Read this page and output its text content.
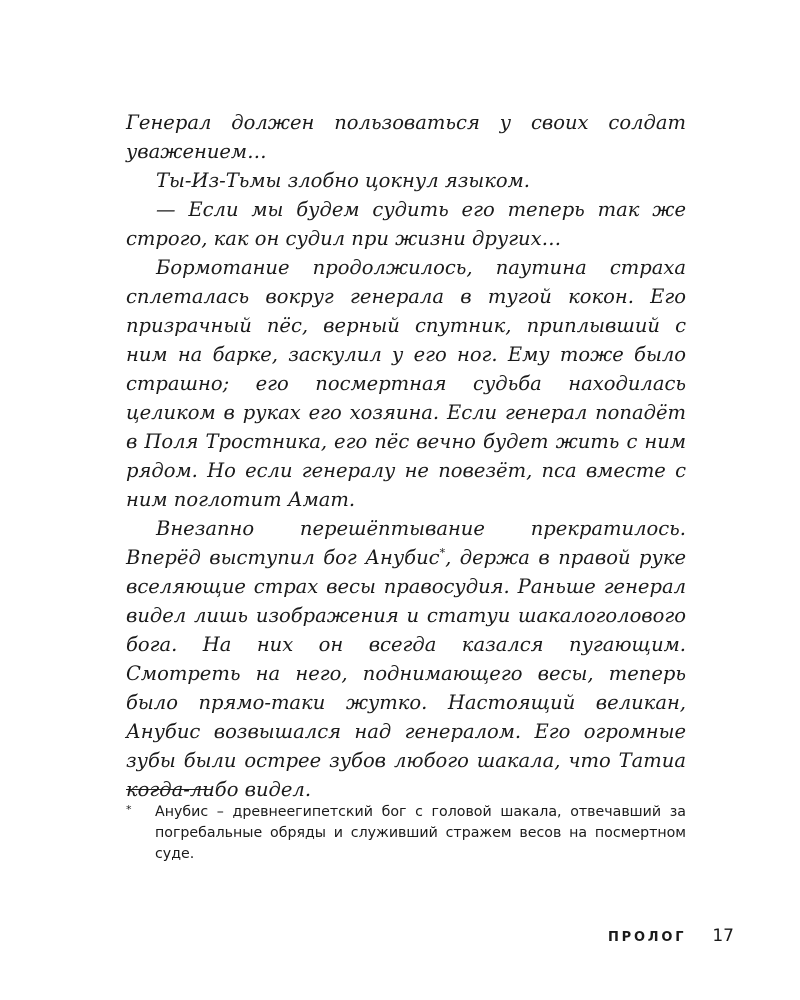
Генерал должен пользоваться у своих солдат уважением…

Ты-Из-Тьмы злобно цокнул языком.

— Если мы будем судить его теперь так же строго, как он судил при жизни других…

Бормотание продолжилось, паутина страха сплеталась вокруг генерала в тугой кокон. Его призрачный пёс, верный спутник, приплывший с ним на барке, заскулил у его ног. Ему тоже было страшно; его посмертная судьба находилась целиком в руках его хозяина. Если генерал попадёт в Поля Тростника, его пёс вечно будет жить с ним рядом. Но если генералу не повезёт, пса вместе с ним поглотит Амат.

Внезапно перешёптывание прекратилось. Вперёд выступил бог Анубис*, держа в правой руке вселяющие страх весы правосудия. Раньше генерал видел лишь изображения и статуи шакалоголового бога. На них он всегда казался пугающим. Смотреть на него, поднимающего весы, теперь было прямо-таки жутко. Настоящий великан, Анубис возвышался над генералом. Его огромные зубы были острее зубов любого шакала, что Татиа когда-либо видел.

* Анубис – древнеегипетский бог с головой шакала, отвечавший за погребальные обряды и служивший стражем весов на посмертном суде.
ПРОЛОГ 17
